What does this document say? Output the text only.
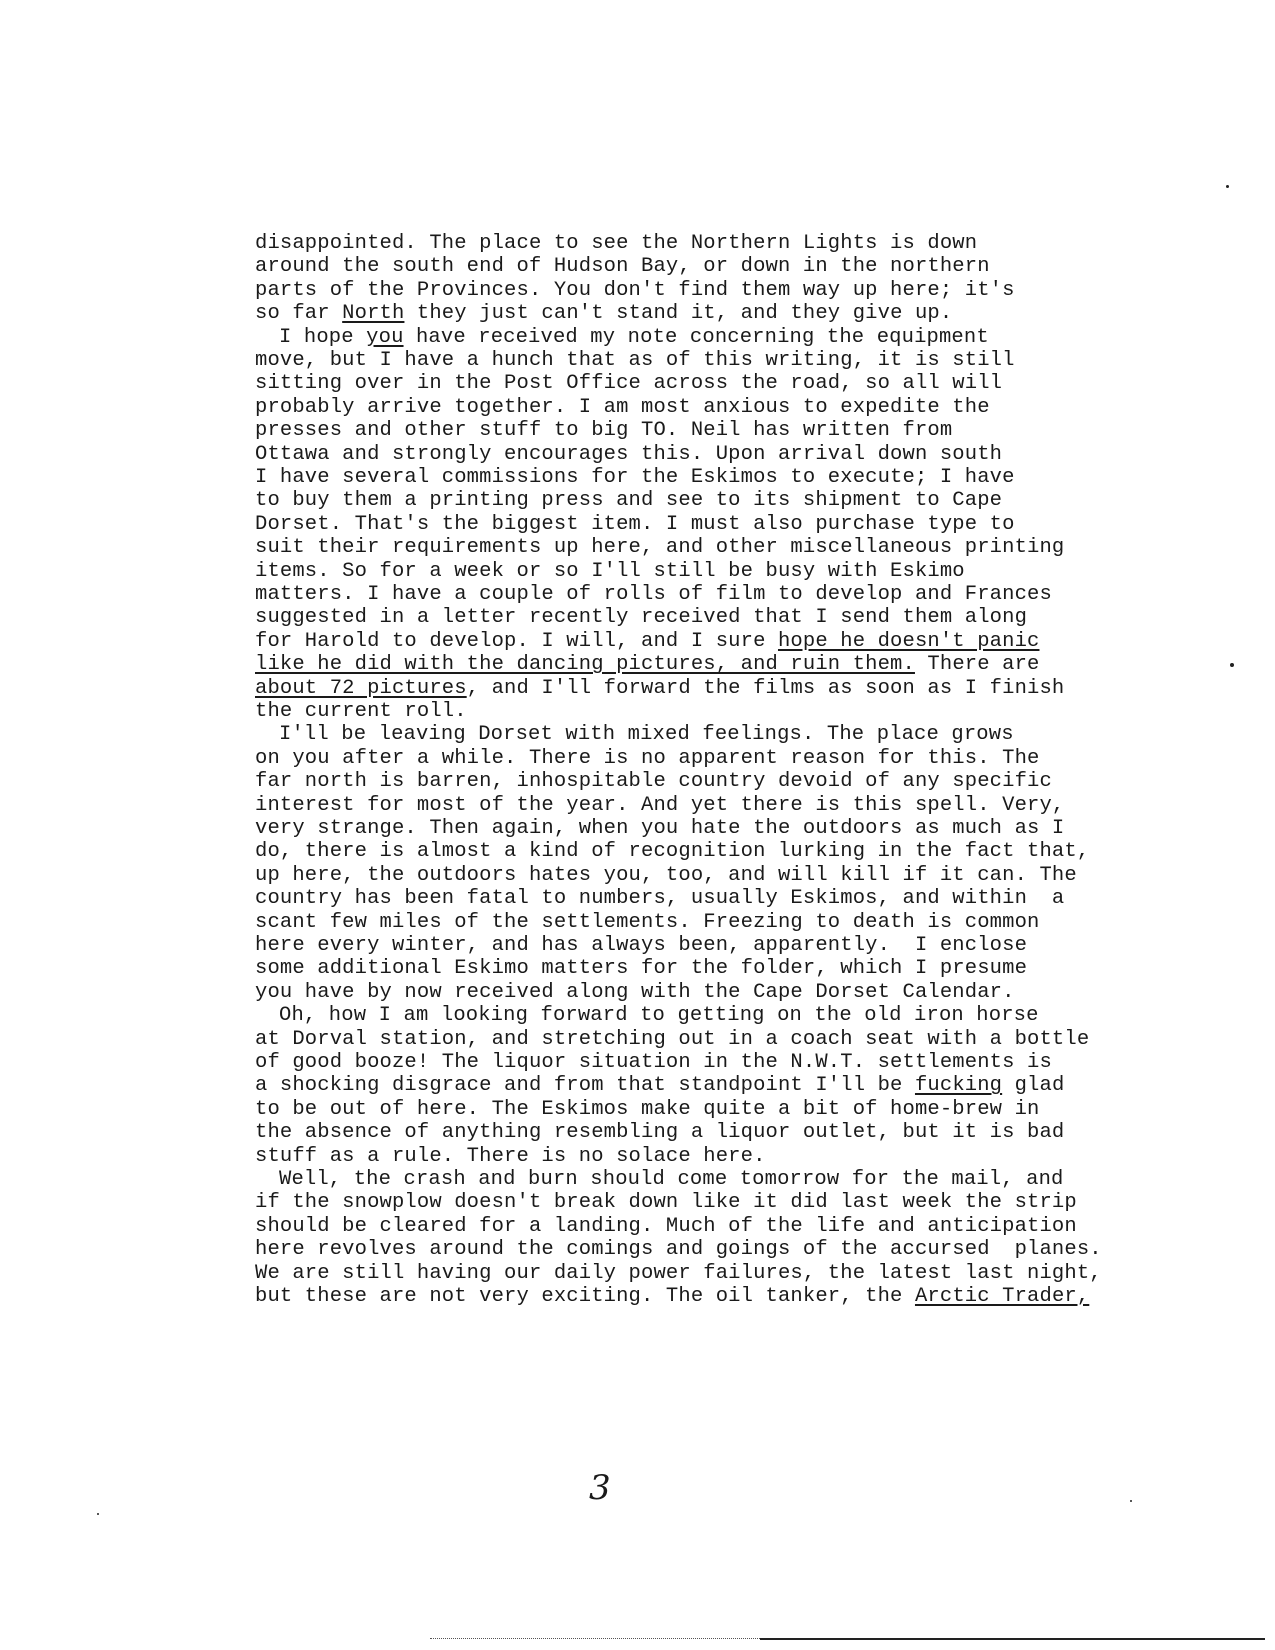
disappointed. The place to see the Northern Lights is down
around the south end of Hudson Bay, or down in the northern
parts of the Provinces. You don't find them way up here; it's
so far North they just can't stand it, and they give up.
I hope you have received my note concerning the equipment
move, but I have a hunch that as of this writing, it is still
sitting over in the Post Office across the road, so all will
probably arrive together. I am most anxious to expedite the
presses and other stuff to big TO. Neil has written from
Ottawa and strongly encourages this. Upon arrival down south
I have several commissions for the Eskimos to execute; I have
to buy them a printing press and see to its shipment to Cape
Dorset. That's the biggest item. I must also purchase type to
suit their requirements up here, and other miscellaneous printing
items. So for a week or so I'll still be busy with Eskimo
matters. I have a couple of rolls of film to develop and Frances
suggested in a letter recently received that I send them along
for Harold to develop. I will, and I sure hope he doesn't panic
like he did with the dancing pictures, and ruin them. There are
about 72 pictures, and I'll forward the films as soon as I finish
the current roll.
I'll be leaving Dorset with mixed feelings. The place grows
on you after a while. There is no apparent reason for this. The
far north is barren, inhospitable country devoid of any specific
interest for most of the year. And yet there is this spell. Very,
very strange. Then again, when you hate the outdoors as much as I
do, there is almost a kind of recognition lurking in the fact that,
up here, the outdoors hates you, too, and will kill if it can. The
country has been fatal to numbers, usually Eskimos, and within  a
scant few miles of the settlements. Freezing to death is common
here every winter, and has always been, apparently.  I enclose
some additional Eskimo matters for the folder, which I presume
you have by now received along with the Cape Dorset Calendar.
Oh, how I am looking forward to getting on the old iron horse
at Dorval station, and stretching out in a coach seat with a bottle
of good booze! The liquor situation in the N.W.T. settlements is
a shocking disgrace and from that standpoint I'll be fucking glad
to be out of here. The Eskimos make quite a bit of home-brew in
the absence of anything resembling a liquor outlet, but it is bad
stuff as a rule. There is no solace here.
Well, the crash and burn should come tomorrow for the mail, and
if the snowplow doesn't break down like it did last week the strip
should be cleared for a landing. Much of the life and anticipation
here revolves around the comings and goings of the accursed  planes.
We are still having our daily power failures, the latest last night,
but these are not very exciting. The oil tanker, the Arctic Trader,
3
